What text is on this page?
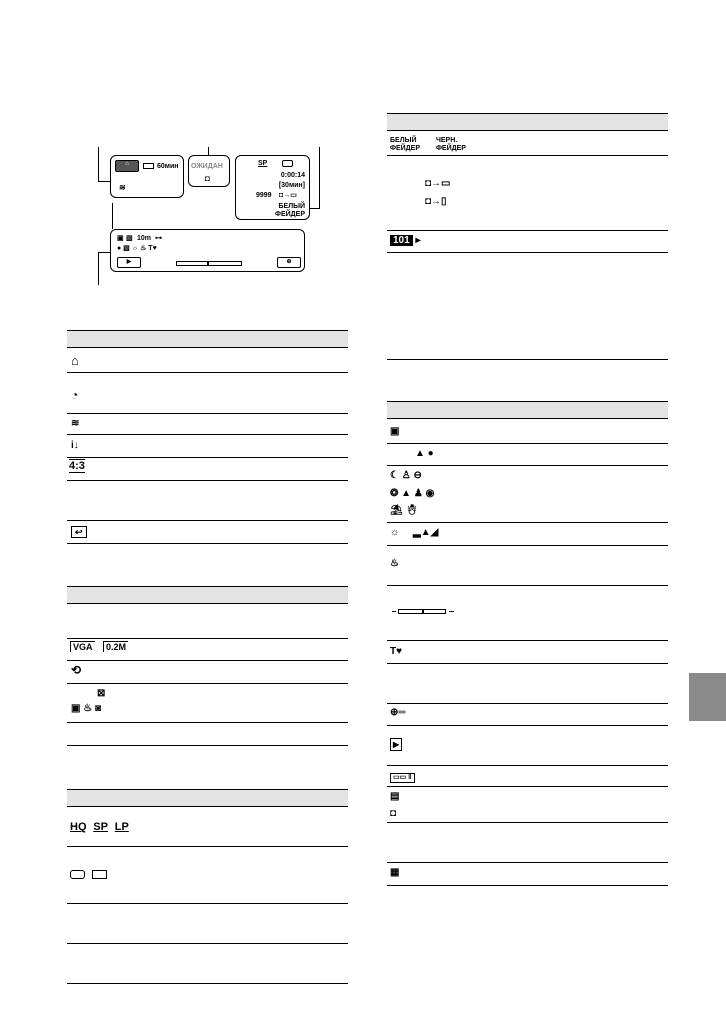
⌂	60мин
≋
ОЖИДАН
◘
SP
0:00:14
[30мин]
9999 ◘→▭
БЕЛЫЙ
ФЕЙДЕР
▣ ▧ 10m ⊶
● ▧ ☼ ♨ T♥
▶	⊕
⌂
◔
≋
i↓
4:3
↩
VGA 0.2M
⟲
⊠
▣ ♨ ◙
HQ SP LP

БЕЛЫЙ ФЕЙДЕР ЧЕРН. ФЕЙДЕР
◘→▭
◘→▯
101 ▸
▣
▲ ●
☾ ♙ ⊖
❂ ▲ ♟ ◉
⛱ ☃
☼     ▂▲◢
♨
T♥
⊕═
▶
▭▭ ‖
▤
◘
▦
